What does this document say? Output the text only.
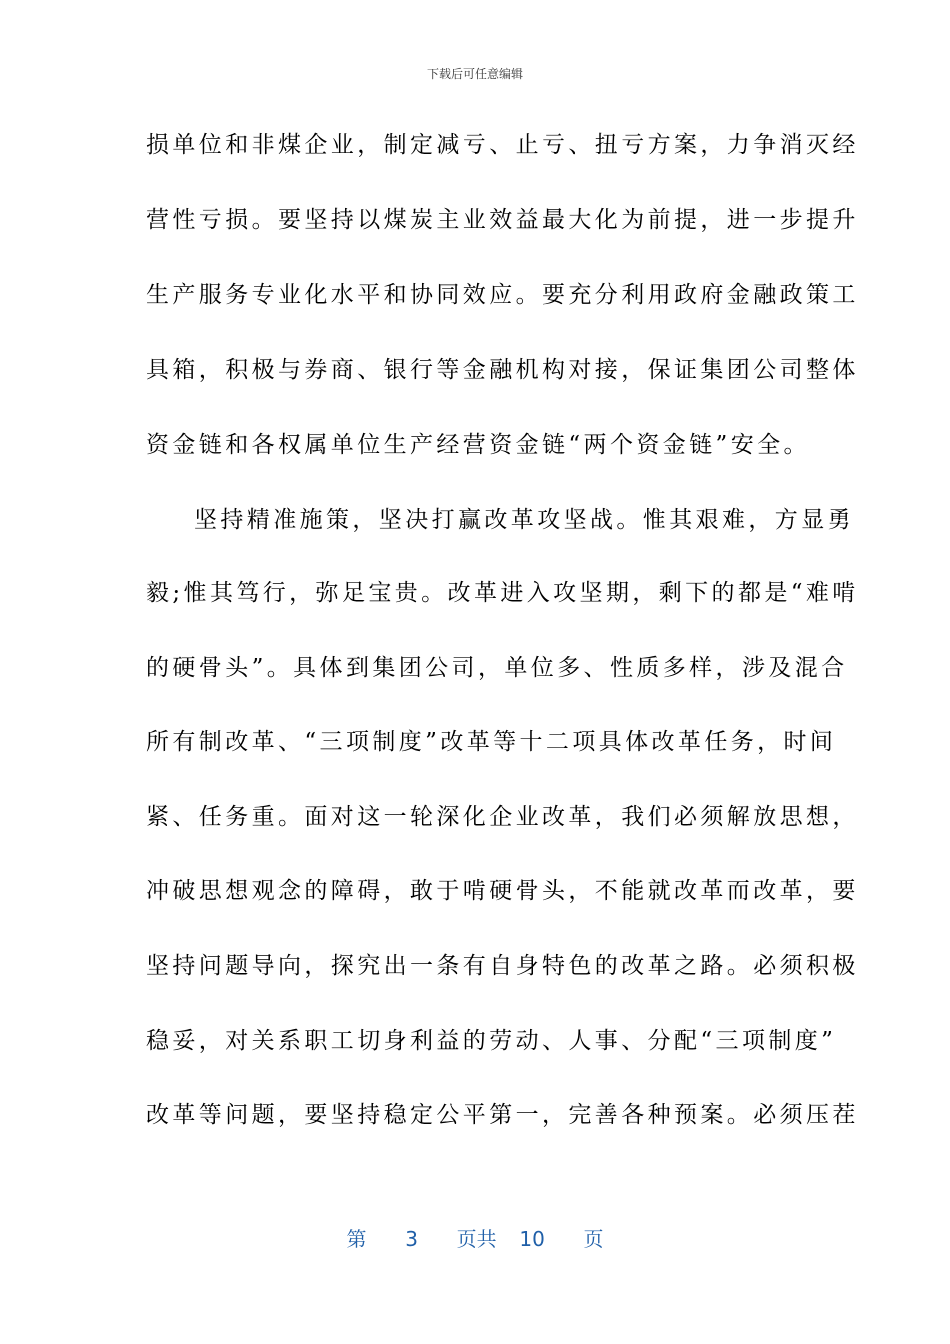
下载后可任意编辑
损单位和非煤企业，制定减亏、止亏、扭亏方案，力争消灭经
营性亏损。要坚持以煤炭主业效益最大化为前提，进一步提升
生产服务专业化水平和协同效应。要充分利用政府金融政策工
具箱，积极与券商、银行等金融机构对接，保证集团公司整体
资金链和各权属单位生产经营资金链“两个资金链”安全。
坚持精准施策，坚决打赢改革攻坚战。惟其艰难，方显勇
毅;惟其笃行，弥足宝贵。改革进入攻坚期，剩下的都是“难啃
的硬骨头”。具体到集团公司，单位多、性质多样，涉及混合
所有制改革、“三项制度”改革等十二项具体改革任务，时间
紧、任务重。面对这一轮深化企业改革，我们必须解放思想，
冲破思想观念的障碍，敢于啃硬骨头，不能就改革而改革，要
坚持问题导向，探究出一条有自身特色的改革之路。必须积极
稳妥，对关系职工切身利益的劳动、人事、分配“三项制度”
改革等问题，要坚持稳定公平第一，完善各种预案。必须压茬
第 3 页共 10 页
